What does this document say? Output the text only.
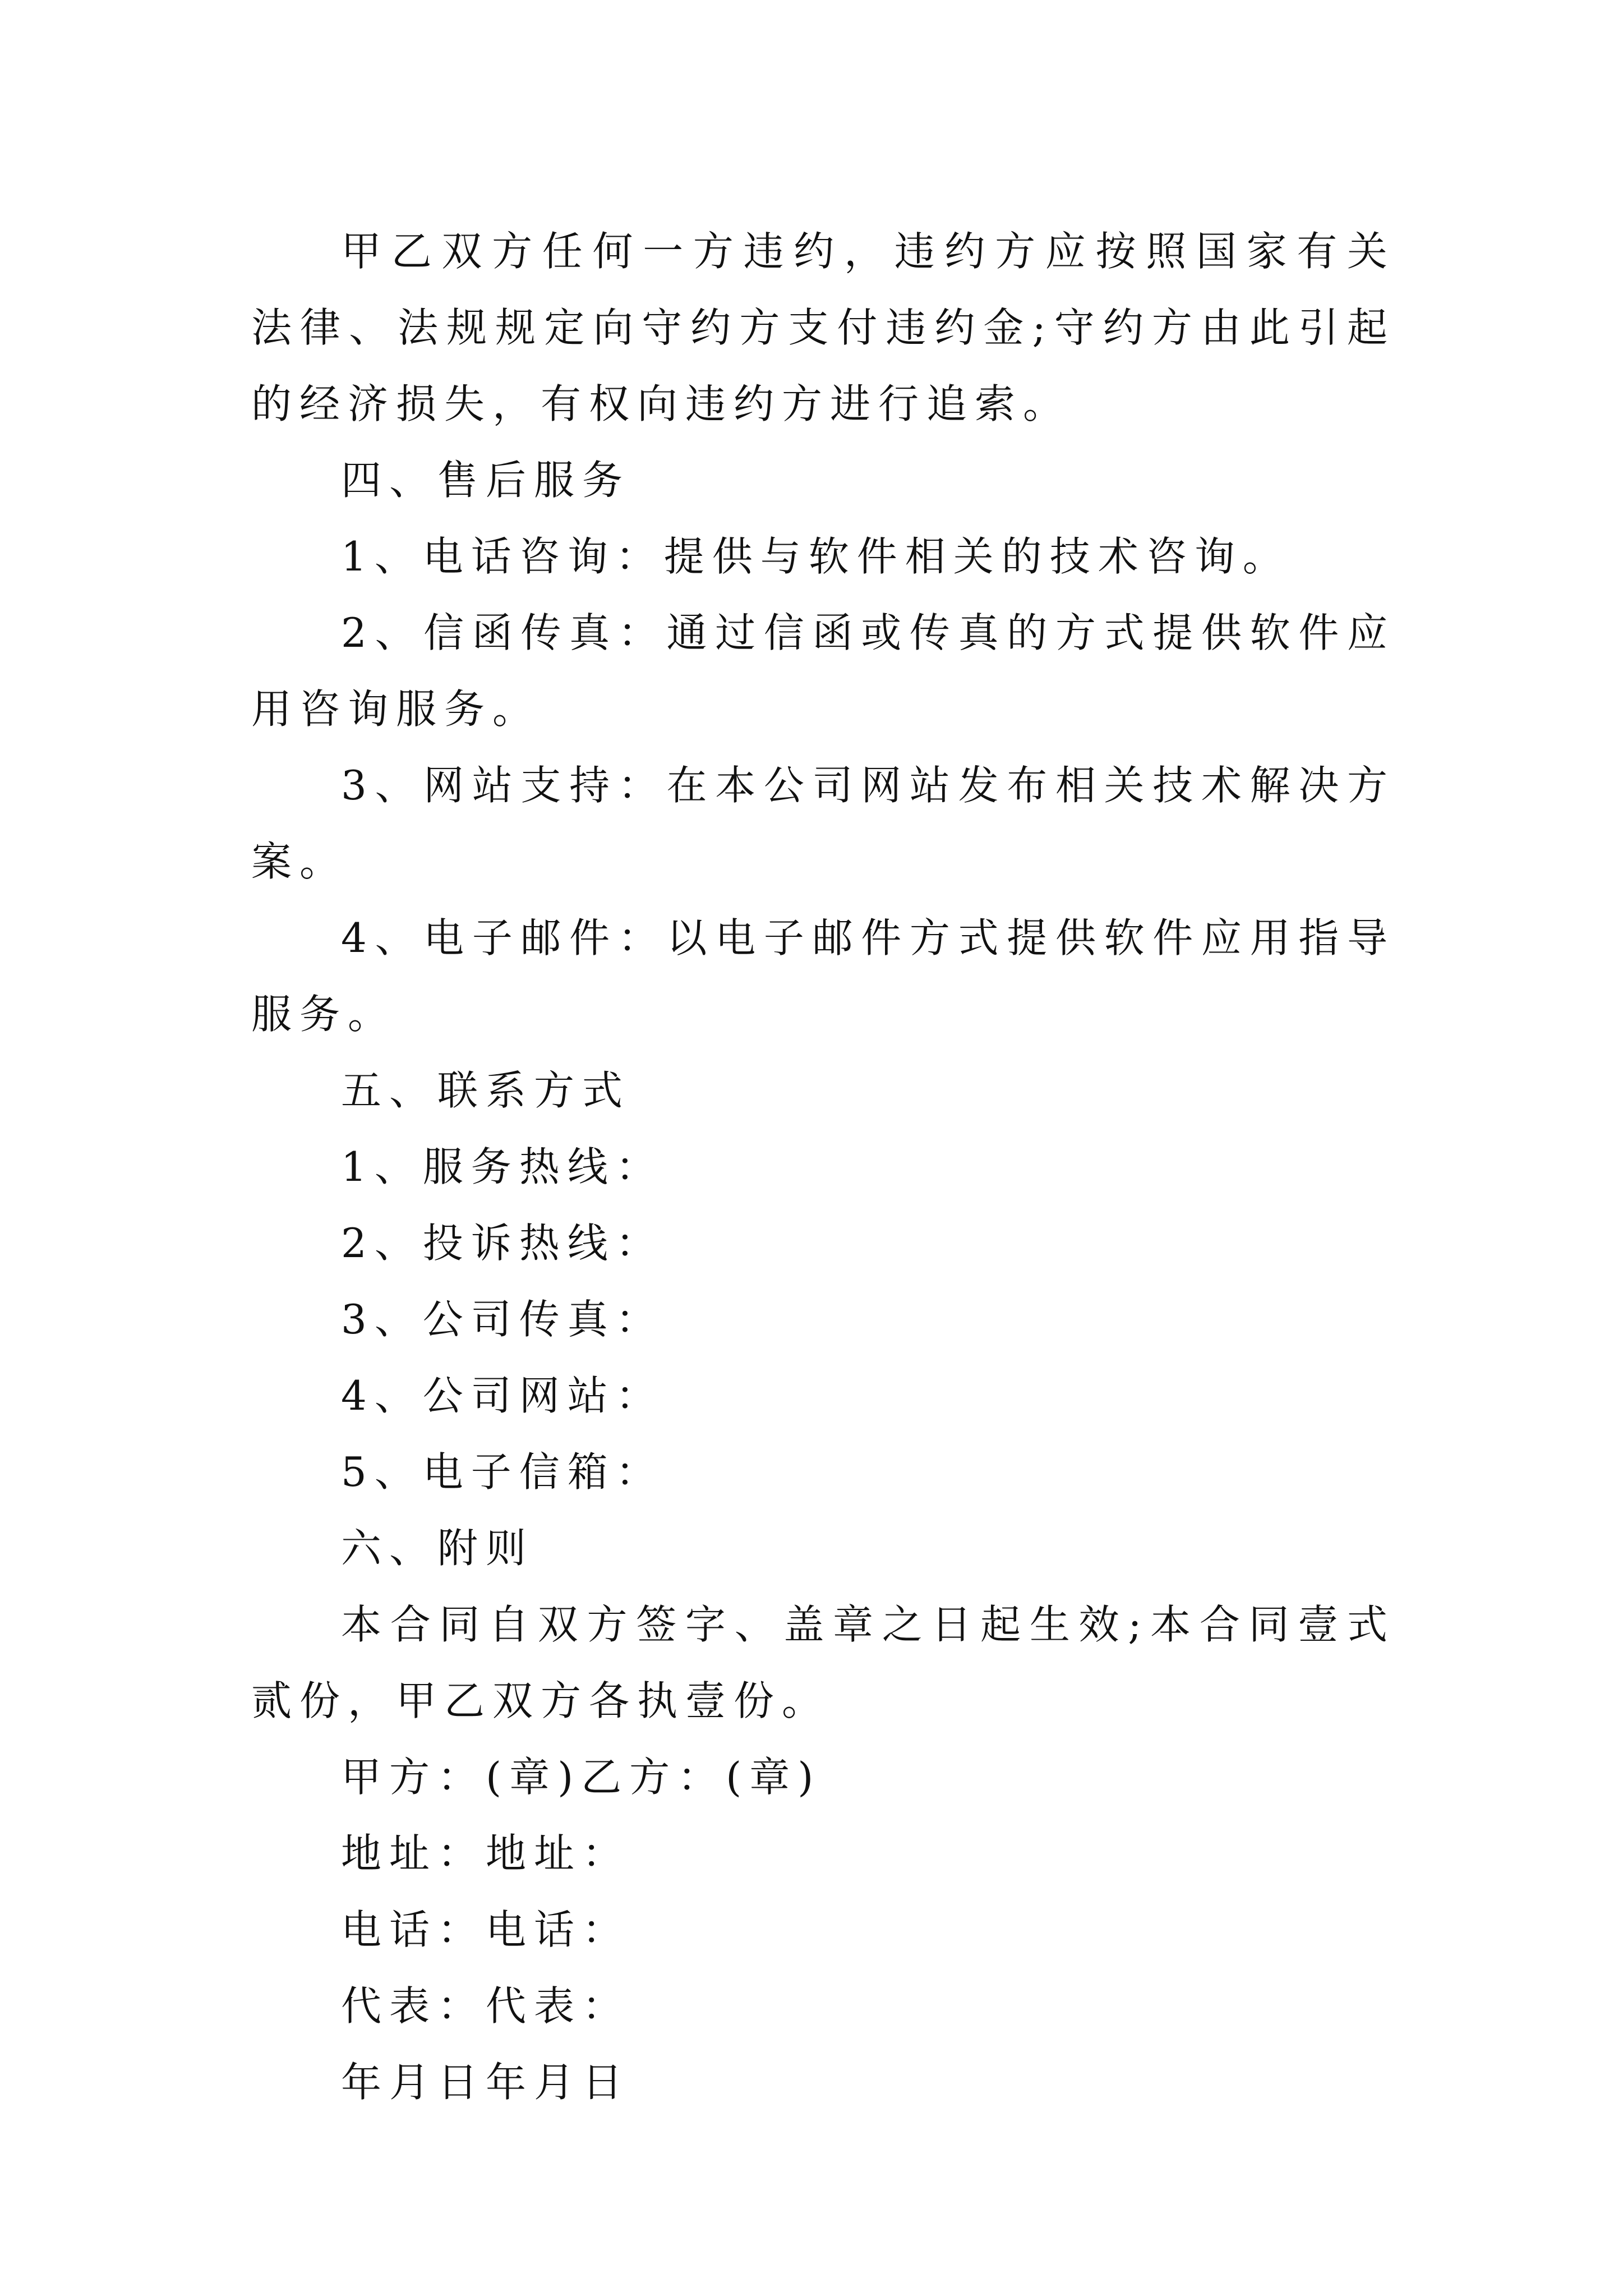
甲乙双方任何一方违约，违约方应按照国家有关法律、法规规定向守约方支付违约金;守约方由此引起的经济损失，有权向违约方进行追索。

四、售后服务

1、电话咨询：提供与软件相关的技术咨询。

2、信函传真：通过信函或传真的方式提供软件应用咨询服务。

3、网站支持：在本公司网站发布相关技术解决方案。

4、电子邮件：以电子邮件方式提供软件应用指导服务。

五、联系方式

1、服务热线：

2、投诉热线：

3、公司传真：

4、公司网站：

5、电子信箱：

六、附则

本合同自双方签字、盖章之日起生效;本合同壹式贰份，甲乙双方各执壹份。

甲方：(章)乙方：(章)

地址：地址：

电话：电话：

代表：代表：

年月日年月日
